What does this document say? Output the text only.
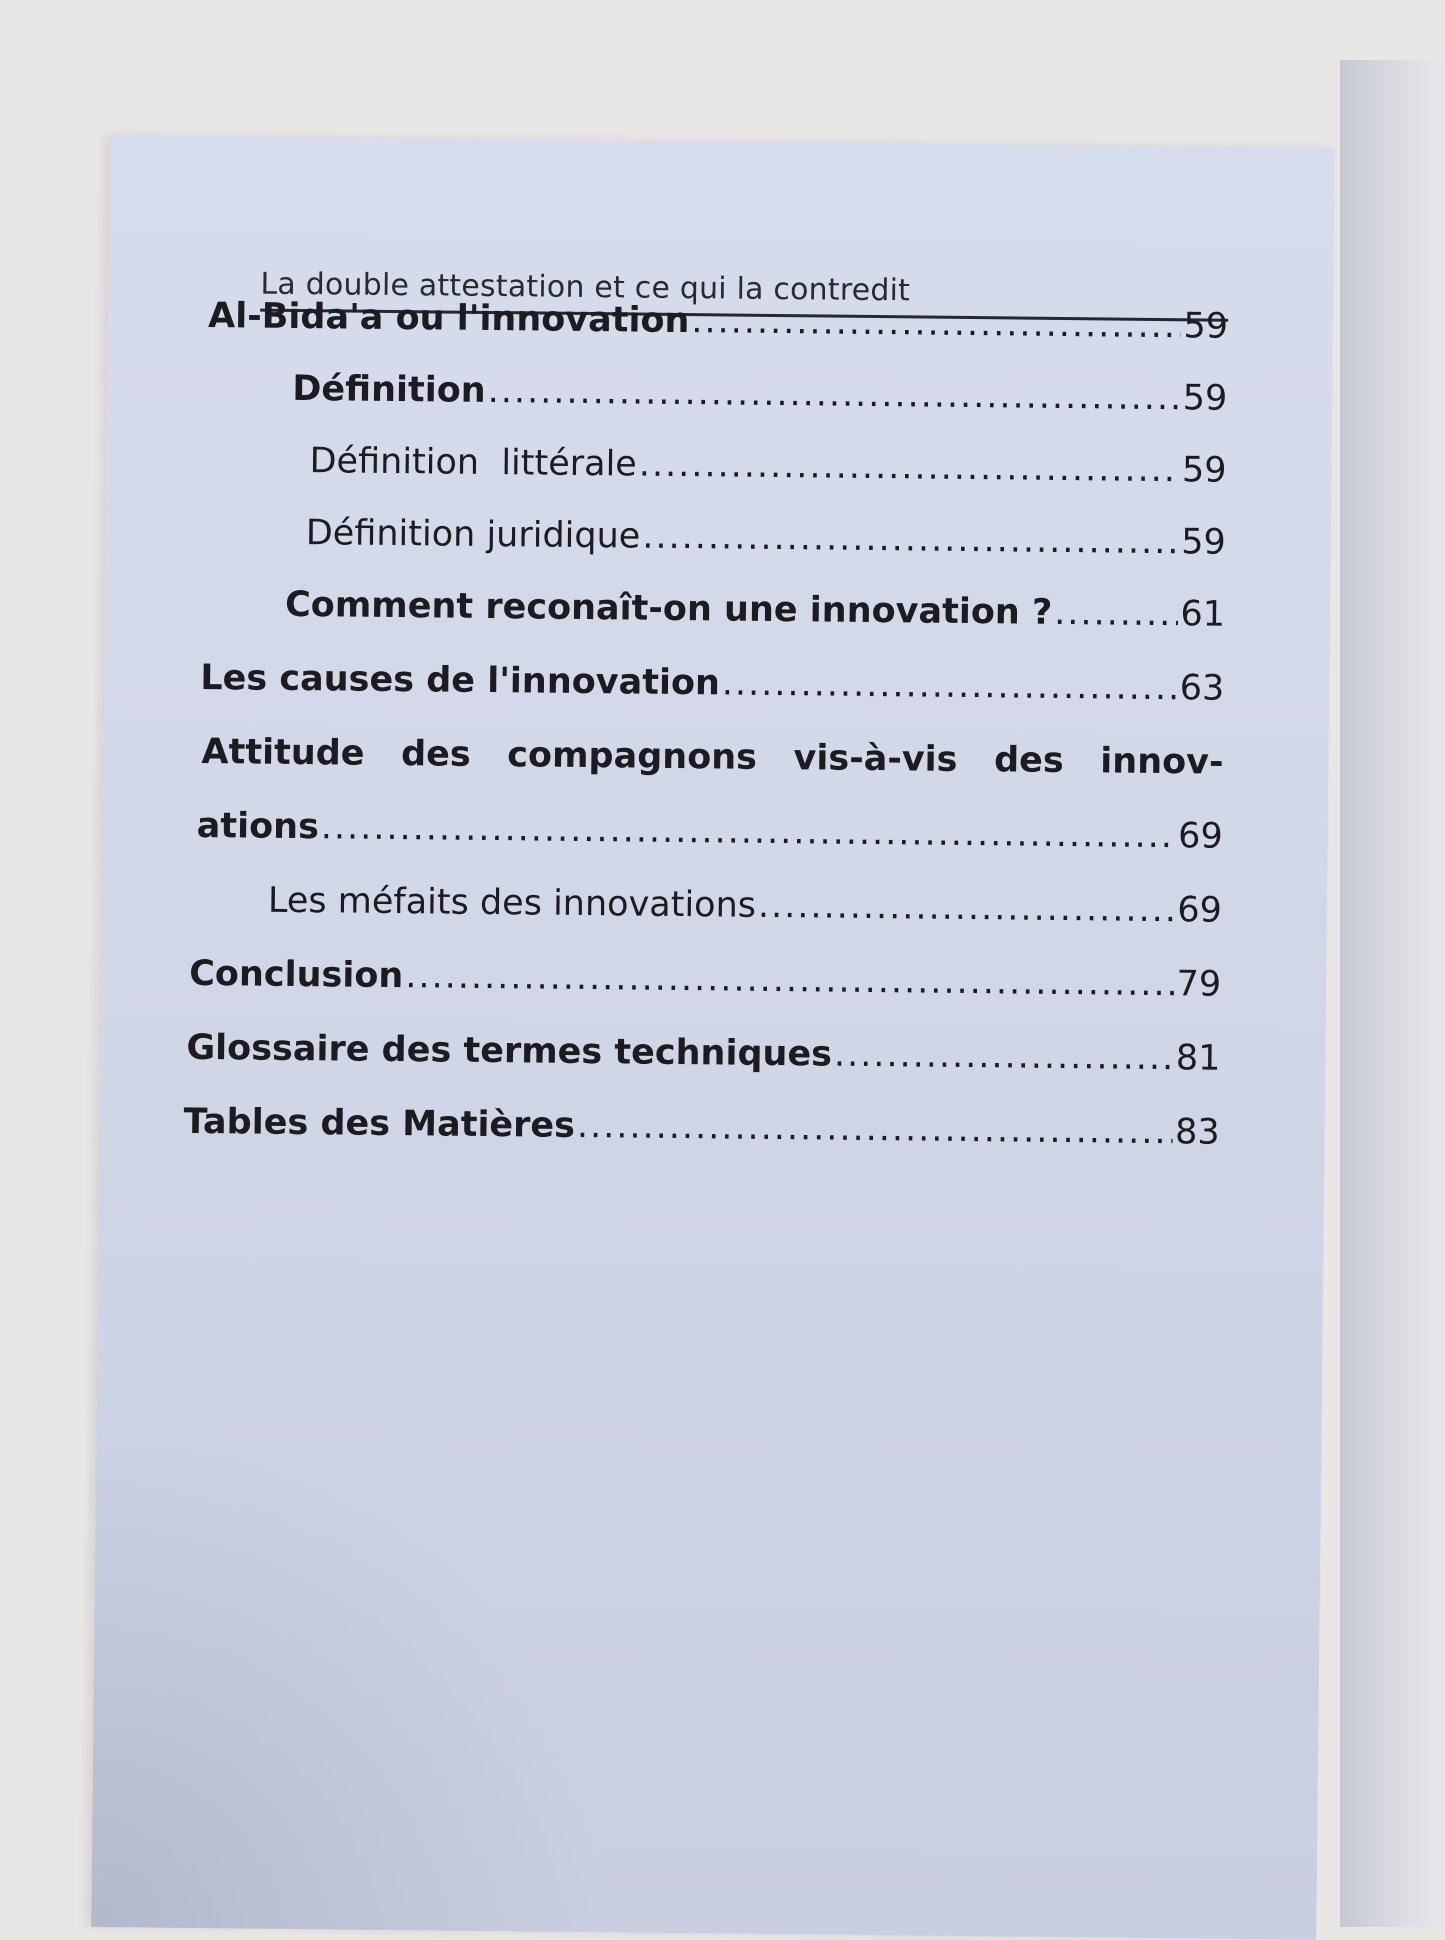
La double attestation et ce qui la contredit
Al-Bida'a ou l'innovation .....	59
Définition .....	59
Définition  littérale .....	59
Définition juridique .....	59
Comment reconaît-on une innovation ? .....	61
Les causes de l'innovation .....	63
Attitude des compagnons vis-à-vis des innov-
ations .....	69
Les méfaits des innovations .....	69
Conclusion .....	79
Glossaire des termes techniques .....	81
Tables des Matières .....	83
